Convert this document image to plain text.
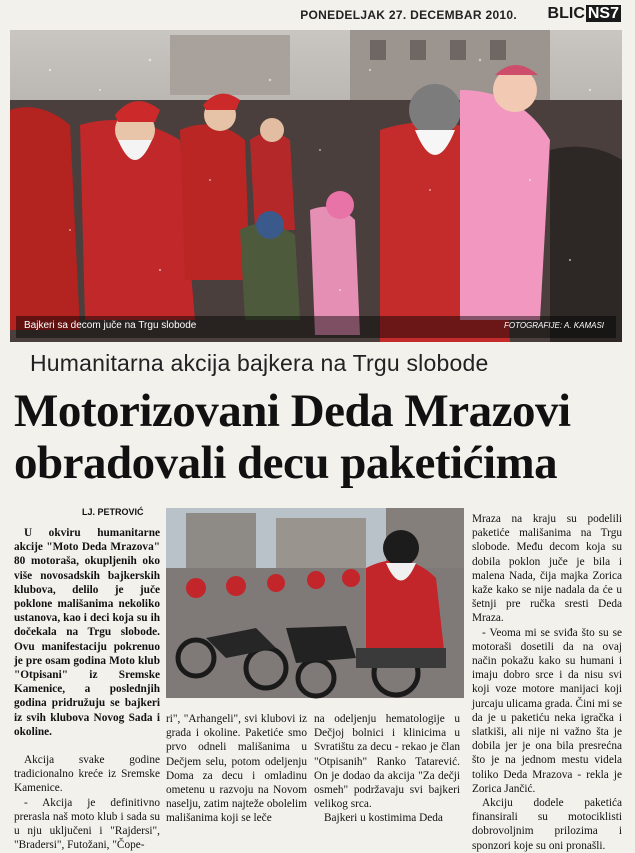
PONEDELJAK 27. DECEMBAR 2010. BLIC NS7
Bajkeri sa decom juče na Trgu slobode	FOTOGRAFIJE: A. KAMASI
Humanitarna akcija bajkera na Trgu slobode
Motorizovani Deda Mrazovi
obradovali decu paketićima
LJ. PETROVIĆ

U okviru humanitarne akcije "Moto Deda Mrazova" 80 motoraša, okupljenih oko više novosadskih bajkerskih klubova, delilo je juče poklone mališanima nekoliko ustanova, kao i deci koja su ih dočekala na Trgu slobode. Ovu manifestaciju pokrenuo je pre osam godina Moto klub "Otpisani" iz Sremske Kamenice, a poslednjih godina pridružuju se bajkeri iz svih klubova Novog Sada i okoline.

Akcija svake godine tradicionalno kreće iz Sremske Kamenice.

- Akcija je definitivno prerasla naš moto klub i sada su u nju uključeni i "Rajdersi", "Bradersi", Futožani, "Čope-

ri", "Arhangeli", svi klubovi iz grada i okoline. Paketiće smo prvo odneli mališanima u Dečjem selu, potom odeljenju Doma za decu i omladinu ometenu u razvoju na Novom naselju, zatim najteže obolelim mališanima koji se leče

na odeljenju hematologije u Dečjoj bolnici i klinicima u Svratištu za decu - rekao je član "Otpisanih" Ranko Tatarević. On je dodao da akcija "Za dečji osmeh" podržavaju svi bajkeri velikog srca.

Bajkeri u kostimima Deda

Mraza na kraju su podelili paketiće mališanima na Trgu slobode. Među decom koja su dobila poklon juče je bila i malena Nada, čija majka Zorica kaže kako se nije nadala da će u šetnji pre ručka sresti Deda Mraza.

- Veoma mi se sviđa što su se motoraši dosetili da na ovaj način pokažu kako su humani i imaju dobro srce i da nisu svi koji voze motore manijaci koji jurcaju ulicama grada. Čini mi se da je u paketiću neka igračka i slatkiši, ali nije ni važno šta je dobila jer je ona bila presrećna što je na jednom mestu videla toliko Deda Mrazova - rekla je Zorica Jančić.

Akciju dodele paketića finansirali su motociklisti dobrovoljnim prilozima i sponzori koje su oni pronašli.
